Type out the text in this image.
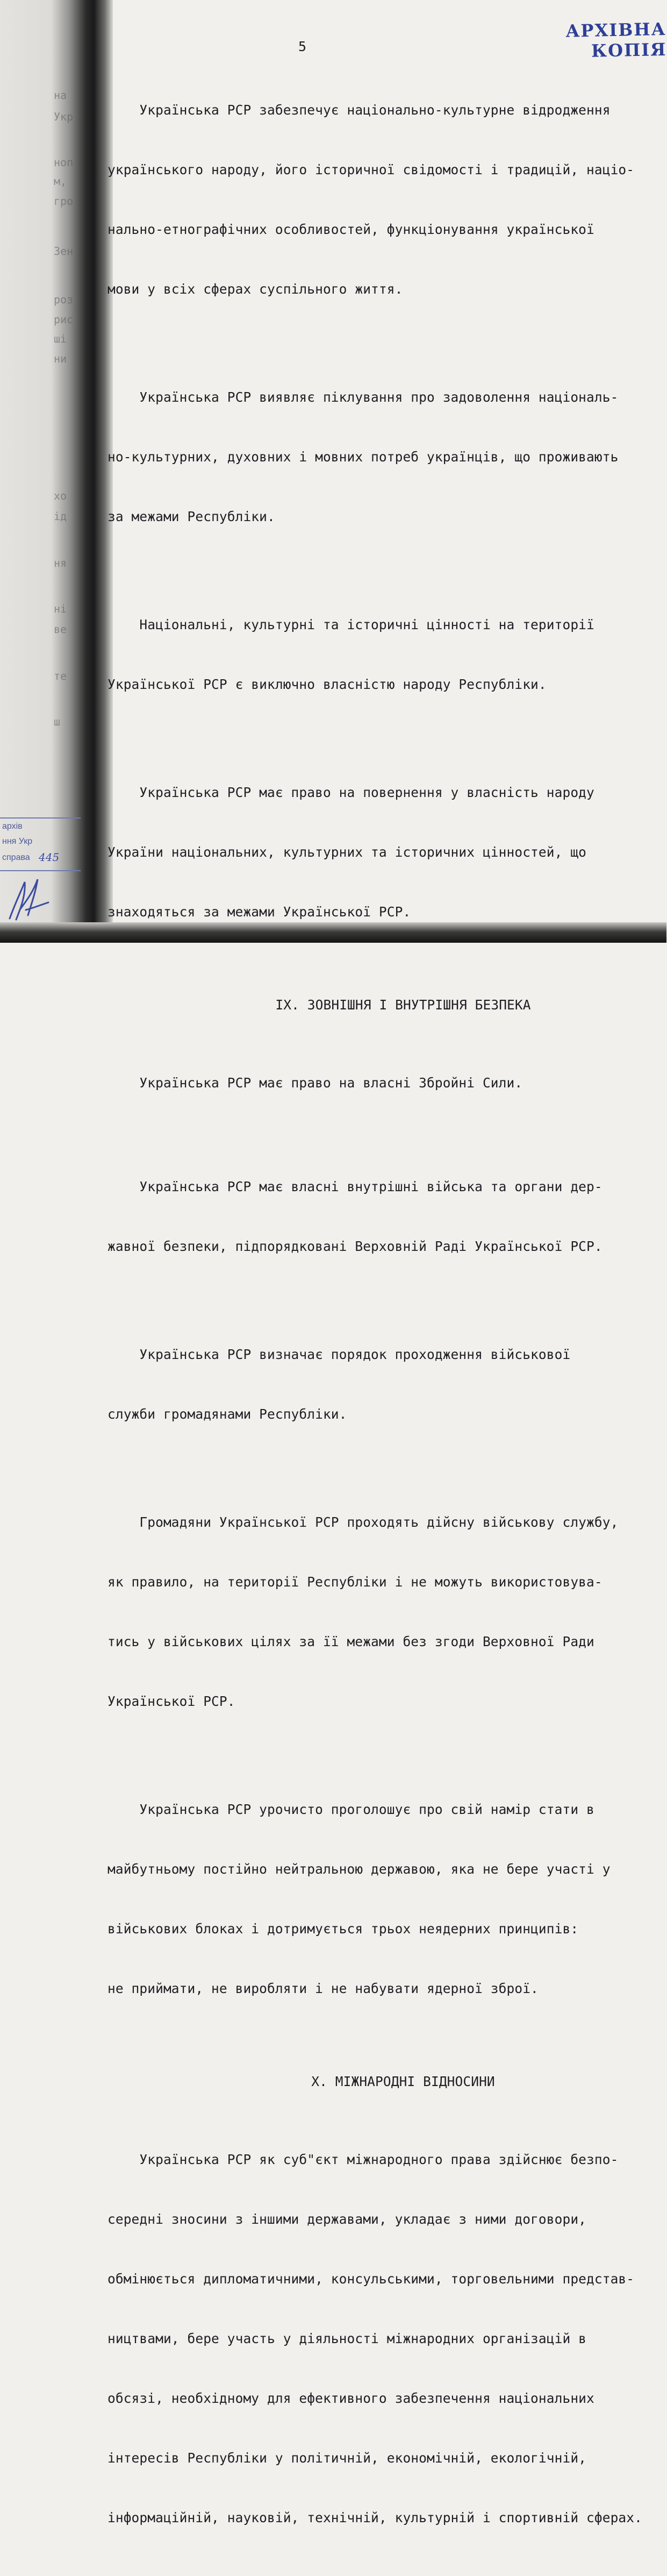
на
Укр
ноп
м,
гро
Зен
роз
рис
ші
ни
хо
ід
ня
ні
ве
те
ш
АРХІВНА КОПІЯ
архів
ння Укр
справа 445
5

Українська РСР забезпечує національно-культурне відродження

українського народу, його історичної свідомості і традицій, націо-

нально-етнографічних особливостей, функціонування української

мови у всіх сферах суспільного життя.

Українська РСР виявляє піклування про задоволення національ-

но-культурних, духовних і мовних потреб українців, що проживають

за межами Республіки.

Національні, культурні та історичні цінності на території

Української РСР є виключно власністю народу Республіки.

Українська РСР має право на повернення у власність народу

України національних, культурних та історичних цінностей, що

знаходяться за межами Української РСР.

IX. ЗОВНІШНЯ І ВНУТРІШНЯ БЕЗПЕКА

Українська РСР має право на власні Збройні Сили.

Українська РСР має власні внутрішні війська та органи дер-

жавної безпеки, підпорядковані Верховній Раді Української РСР.

Українська РСР визначає порядок проходження військової

служби громадянами Республіки.

Громадяни Української РСР проходять дійсну військову службу,

як правило, на території Республіки і не можуть використовува-

тись у військових цілях за її межами без згоди Верховної Ради

Української РСР.

Українська РСР урочисто проголошує про свій намір стати в

майбутньому постійно нейтральною державою, яка не бере участі у

військових блоках і дотримується трьох неядерних принципів:

не приймати, не виробляти і не набувати ядерної зброї.

X. МІЖНАРОДНІ ВІДНОСИНИ

Українська РСР як суб"єкт міжнародного права здійснює безпо-

середні зносини з іншими державами, укладає з ними договори,

обмінюється дипломатичними, консульськими, торговельними представ-

ництвами, бере участь у діяльності міжнародних організацій в

обсязі, необхідному для ефективного забезпечення національних

інтересів Республіки у політичній, економічній, екологічній,

інформаційній, науковій, технічній, культурній і спортивній сферах.
